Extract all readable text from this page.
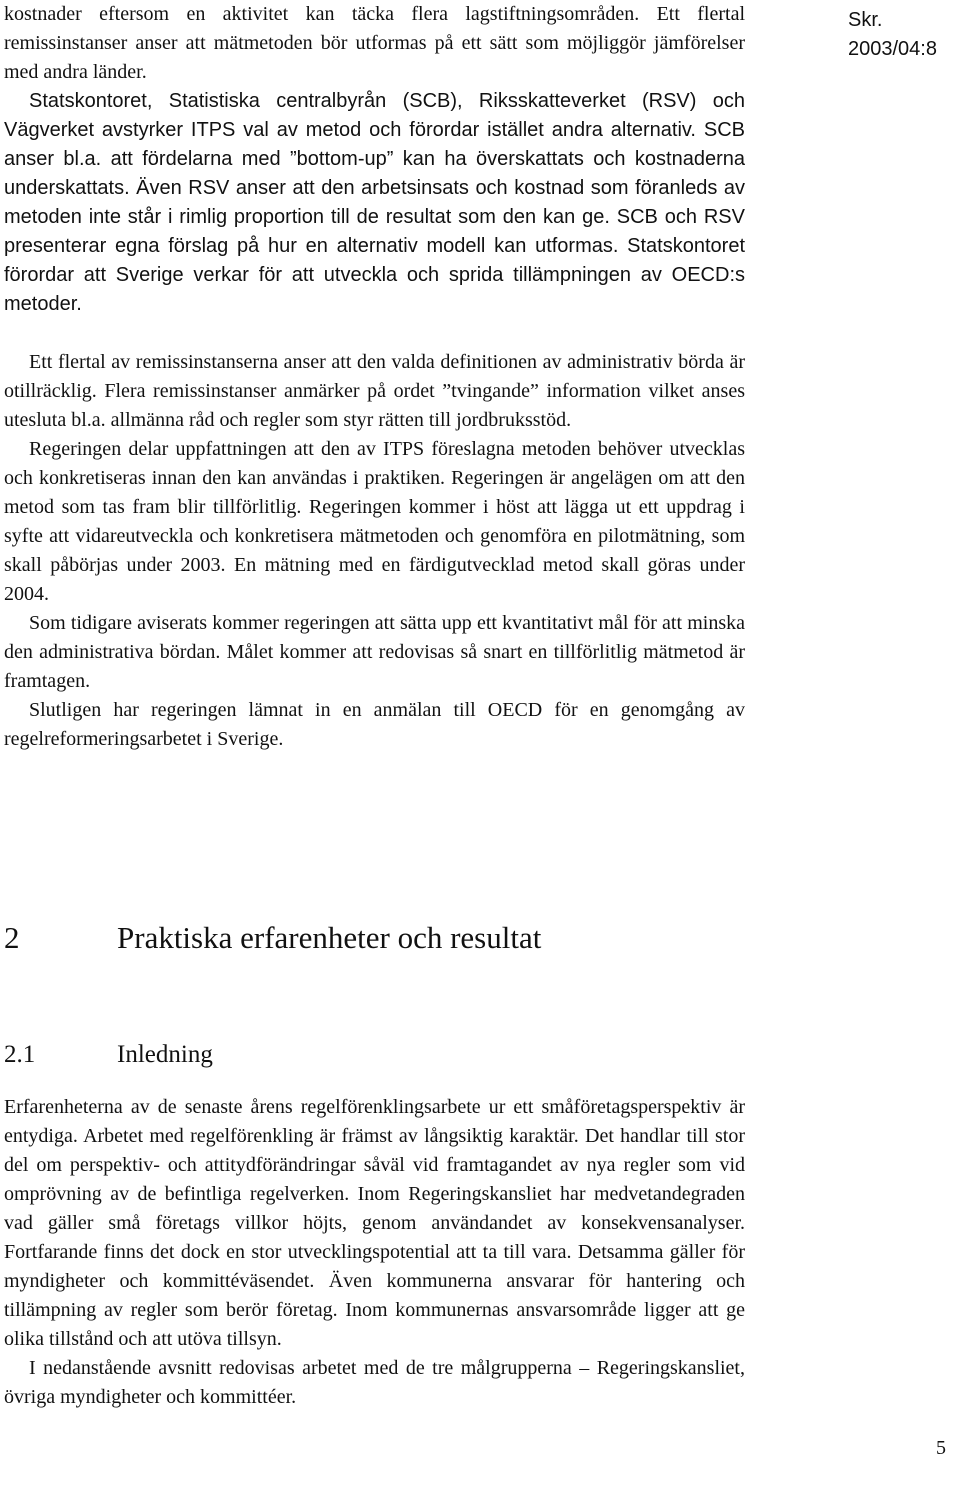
Skr. 2003/04:8

kostnader eftersom en aktivitet kan täcka flera lagstiftningsområden. Ett flertal remissinstanser anser att mätmetoden bör utformas på ett sätt som möjliggör jämförelser med andra länder.

Statskontoret, Statistiska centralbyrån (SCB), Riksskatteverket (RSV) och Vägverket avstyrker ITPS val av metod och förordar istället andra alternativ. SCB anser bl.a. att fördelarna med ”bottom-up” kan ha överskattats och kostnaderna underskattats. Även RSV anser att den arbetsinsats och kostnad som föranleds av metoden inte står i rimlig proportion till de resultat som den kan ge. SCB och RSV presenterar egna förslag på hur en alternativ modell kan utformas. Statskontoret förordar att Sverige verkar för att utveckla och sprida tillämpningen av OECD:s metoder.

Ett flertal av remissinstanserna anser att den valda definitionen av administrativ börda är otillräcklig. Flera remissinstanser anmärker på ordet ”tvingande” information vilket anses utesluta bl.a. allmänna råd och regler som styr rätten till jordbruksstöd.

Regeringen delar uppfattningen att den av ITPS föreslagna metoden behöver utvecklas och konkretiseras innan den kan användas i praktiken. Regeringen är angelägen om att den metod som tas fram blir tillförlitlig. Regeringen kommer i höst att lägga ut ett uppdrag i syfte att vidareutveckla och konkretisera mätmetoden och genomföra en pilotmätning, som skall påbörjas under 2003. En mätning med en färdigutvecklad metod skall göras under 2004.

Som tidigare aviserats kommer regeringen att sätta upp ett kvantitativt mål för att minska den administrativa bördan. Målet kommer att redovisas så snart en tillförlitlig mätmetod är framtagen.

Slutligen har regeringen lämnat in en anmälan till OECD för en genomgång av regelreformeringsarbetet i Sverige.

2	Praktiska erfarenheter och resultat
2.1	Inledning

Erfarenheterna av de senaste årens regelförenklingsarbete ur ett småföretagsperspektiv är entydiga. Arbetet med regelförenkling är främst av långsiktig karaktär. Det handlar till stor del om perspektiv- och attitydförändringar såväl vid framtagandet av nya regler som vid omprövning av de befintliga regelverken. Inom Regeringskansliet har medvetandegraden vad gäller små företags villkor höjts, genom användandet av konsekvensanalyser. Fortfarande finns det dock en stor utvecklingspotential att ta till vara. Detsamma gäller för myndigheter och kommittéväsendet. Även kommunerna ansvarar för hantering och tillämpning av regler som berör företag. Inom kommunernas ansvarsområde ligger att ge olika tillstånd och att utöva tillsyn.

I nedanstående avsnitt redovisas arbetet med de tre målgrupperna – Regeringskansliet, övriga myndigheter och kommittéer.

5
